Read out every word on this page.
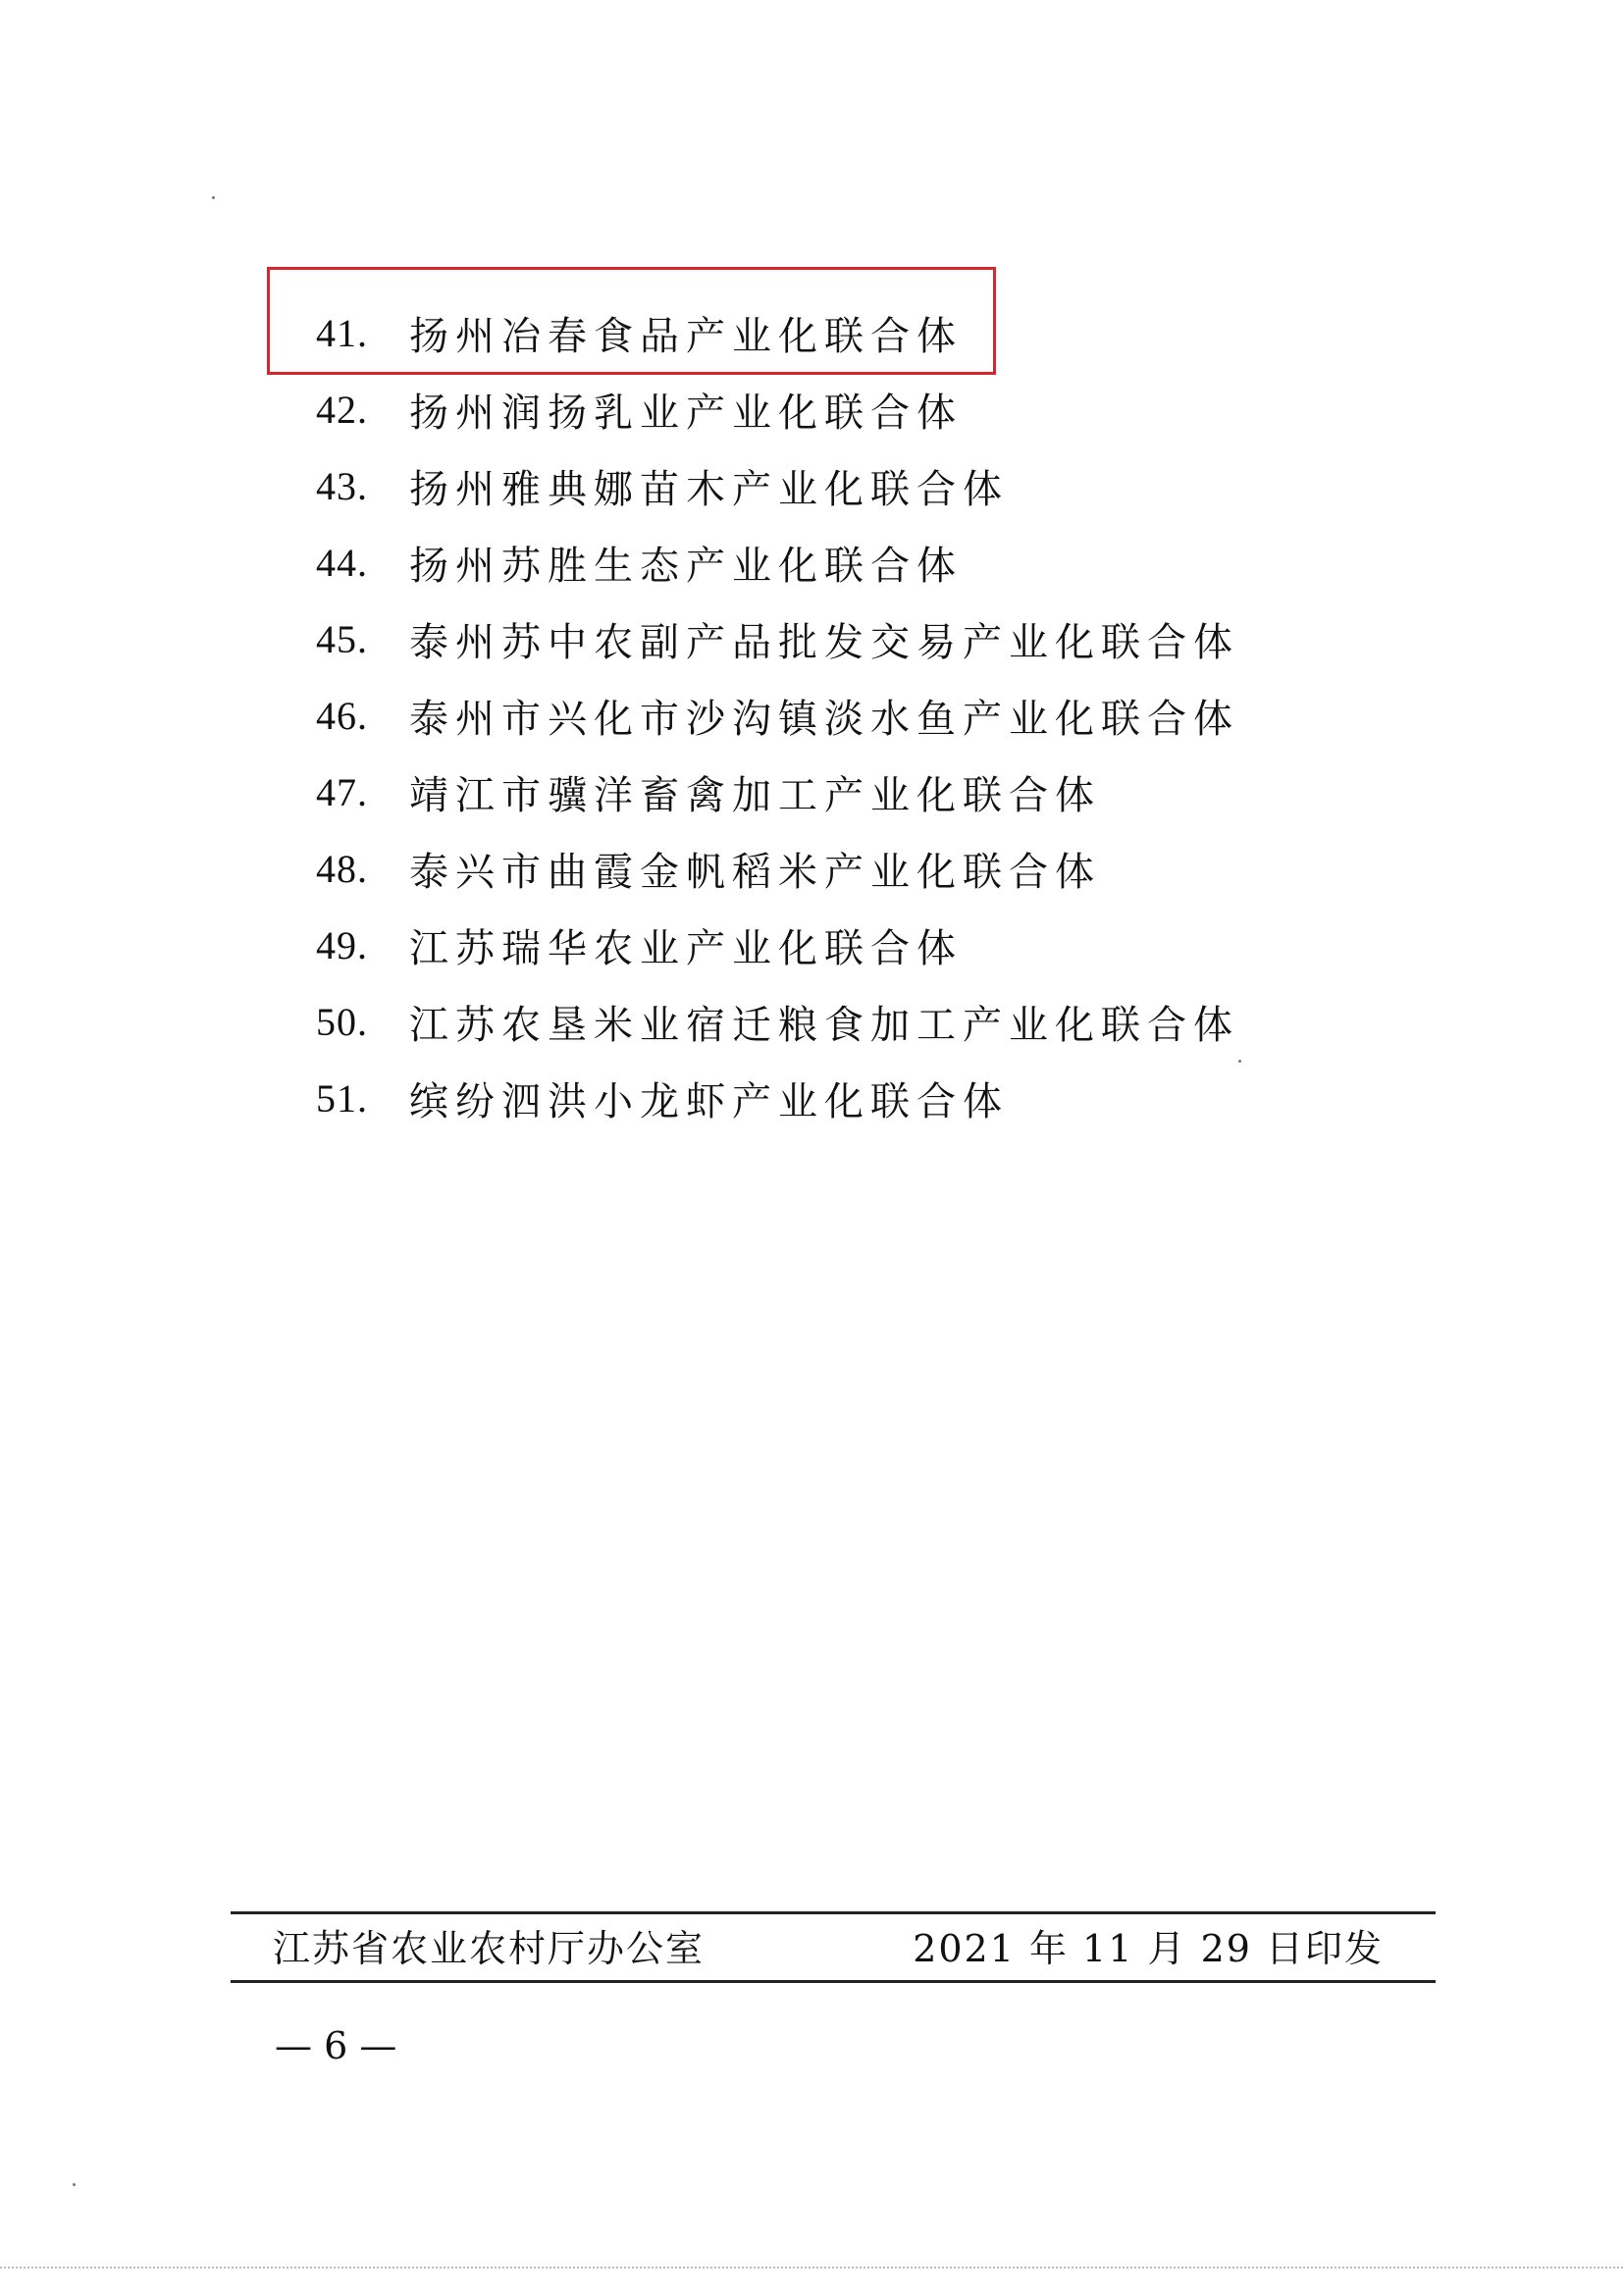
41.	扬州冶春食品产业化联合体
42.	扬州润扬乳业产业化联合体
43.	扬州雅典娜苗木产业化联合体
44.	扬州苏胜生态产业化联合体
45.	泰州苏中农副产品批发交易产业化联合体
46.	泰州市兴化市沙沟镇淡水鱼产业化联合体
47.	靖江市骥洋畜禽加工产业化联合体
48.	泰兴市曲霞金帆稻米产业化联合体
49.	江苏瑞华农业产业化联合体
50.	江苏农垦米业宿迁粮食加工产业化联合体
51.	缤纷泗洪小龙虾产业化联合体
江苏省农业农村厅办公室	2021 年 11 月 29 日印发
— 6 —
